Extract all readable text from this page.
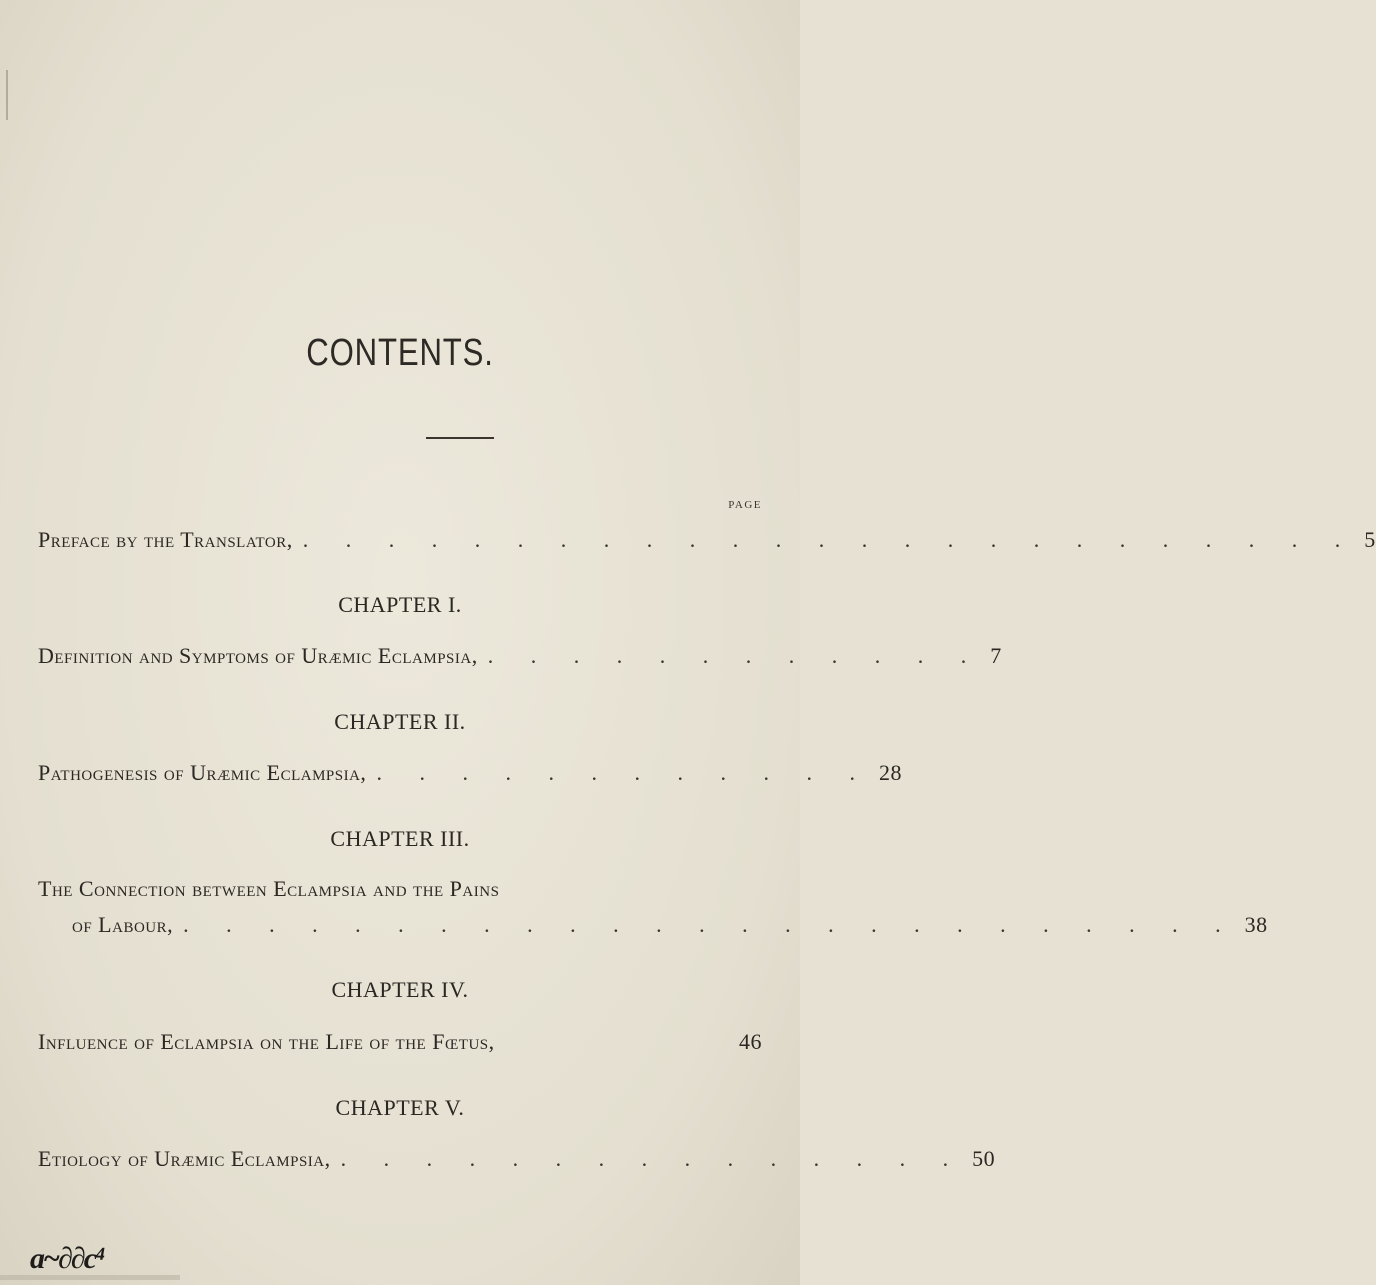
CONTENTS.
PAGE
Preface by the Translator, . . . . . . . . . . . . . . . . . . . . . . . . . 5
CHAPTER I.
Definition and Symptoms of Uræmic Eclampsia, . . . . . . . . . . . . 7
CHAPTER II.
Pathogenesis of Uræmic Eclampsia, . . . . . . . . . . . . 28
CHAPTER III.
The Connection between Eclampsia and the Pains
of Labour, . . . . . . . . . . . . . . . . . . . . . . . . . 38
CHAPTER IV.
Influence of Eclampsia on the Life of the Fœtus,	46
CHAPTER V.
Etiology of Uræmic Eclampsia, . . . . . . . . . . . . . . . 50
a~∂∂c⁴
